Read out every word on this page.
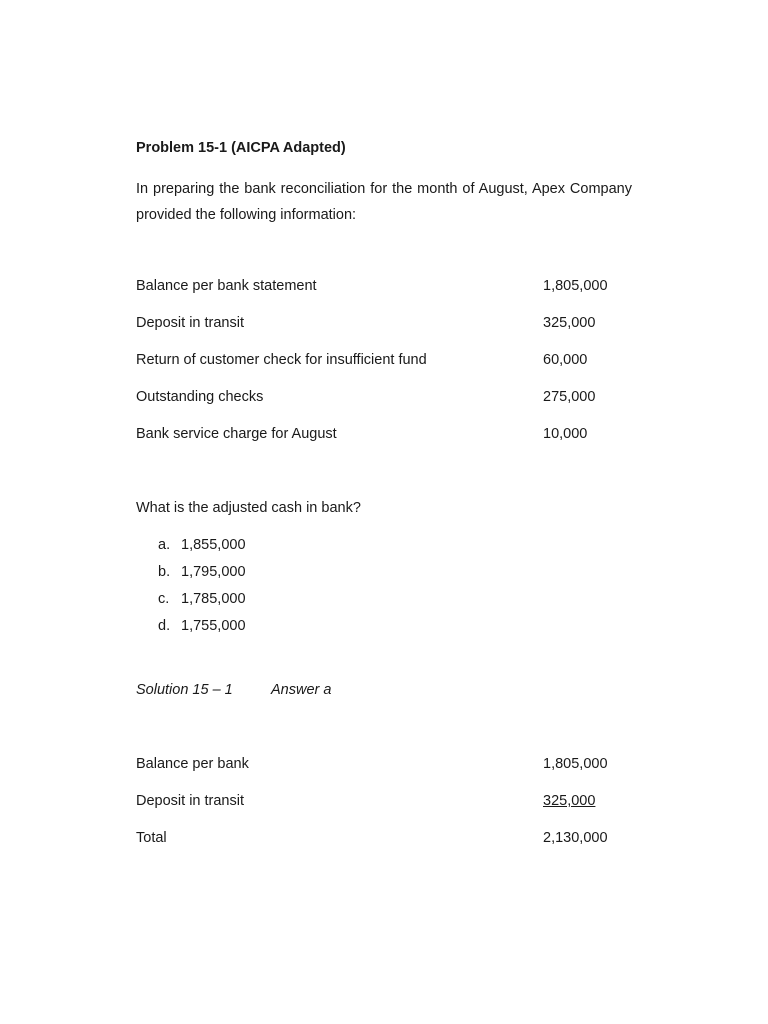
Problem 15-1 (AICPA Adapted)
In preparing the bank reconciliation for the month of August, Apex Company provided the following information:
Balance per bank statement	1,805,000
Deposit in transit	325,000
Return of customer check for insufficient fund	60,000
Outstanding checks	275,000
Bank service charge for August	10,000
What is the adjusted cash in bank?
a. 1,855,000
b. 1,795,000
c. 1,785,000
d. 1,755,000
Solution 15 – 1	Answer a
Balance per bank	1,805,000
Deposit in transit	325,000
Total	2,130,000
